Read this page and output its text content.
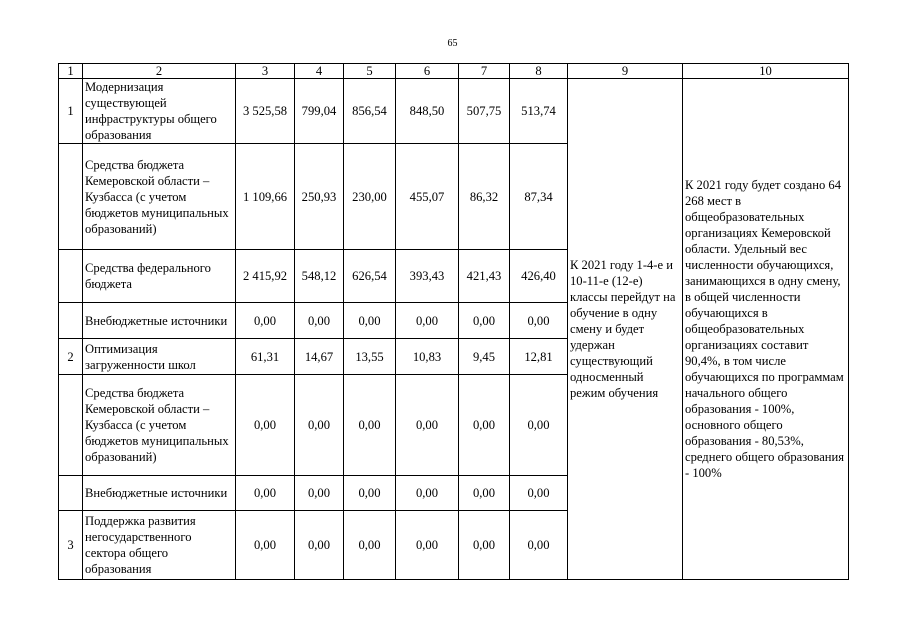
65
1	2	3	4	5	6	7	8	9	10
1	Модернизация существующей инфраструктуры общего образования	3 525,58	799,04	856,54	848,50	507,75	513,74	К 2021 году 1-4-е и 10-11-е (12-е) классы перейдут на обучение в одну смену и будет удержан существующий односменный режим обучения	К 2021 году будет создано 64 268 мест в общеобразовательных организациях Кемеровской области. Удельный вес численности обучающихся, занимающихся в одну смену, в общей численности обучающихся в общеобразовательных организациях составит 90,4%, в том числе обучающихся по программам начального общего образования - 100%, основного общего образования - 80,53%, среднего общего образования - 100%
	Средства бюджета Кемеровской области – Кузбасса (с учетом бюджетов муниципальных образований)	1 109,66	250,93	230,00	455,07	86,32	87,34		
	Средства федерального бюджета	2 415,92	548,12	626,54	393,43	421,43	426,40		
	Внебюджетные источники	0,00	0,00	0,00	0,00	0,00	0,00		
2	Оптимизация загруженности школ	61,31	14,67	13,55	10,83	9,45	12,81		
	Средства бюджета Кемеровской области –Кузбасса (с учетом бюджетов муниципальных образований)	0,00	0,00	0,00	0,00	0,00	0,00		
	Внебюджетные источники	0,00	0,00	0,00	0,00	0,00	0,00		
3	Поддержка развития негосударственного сектора общего образования	0,00	0,00	0,00	0,00	0,00	0,00		
